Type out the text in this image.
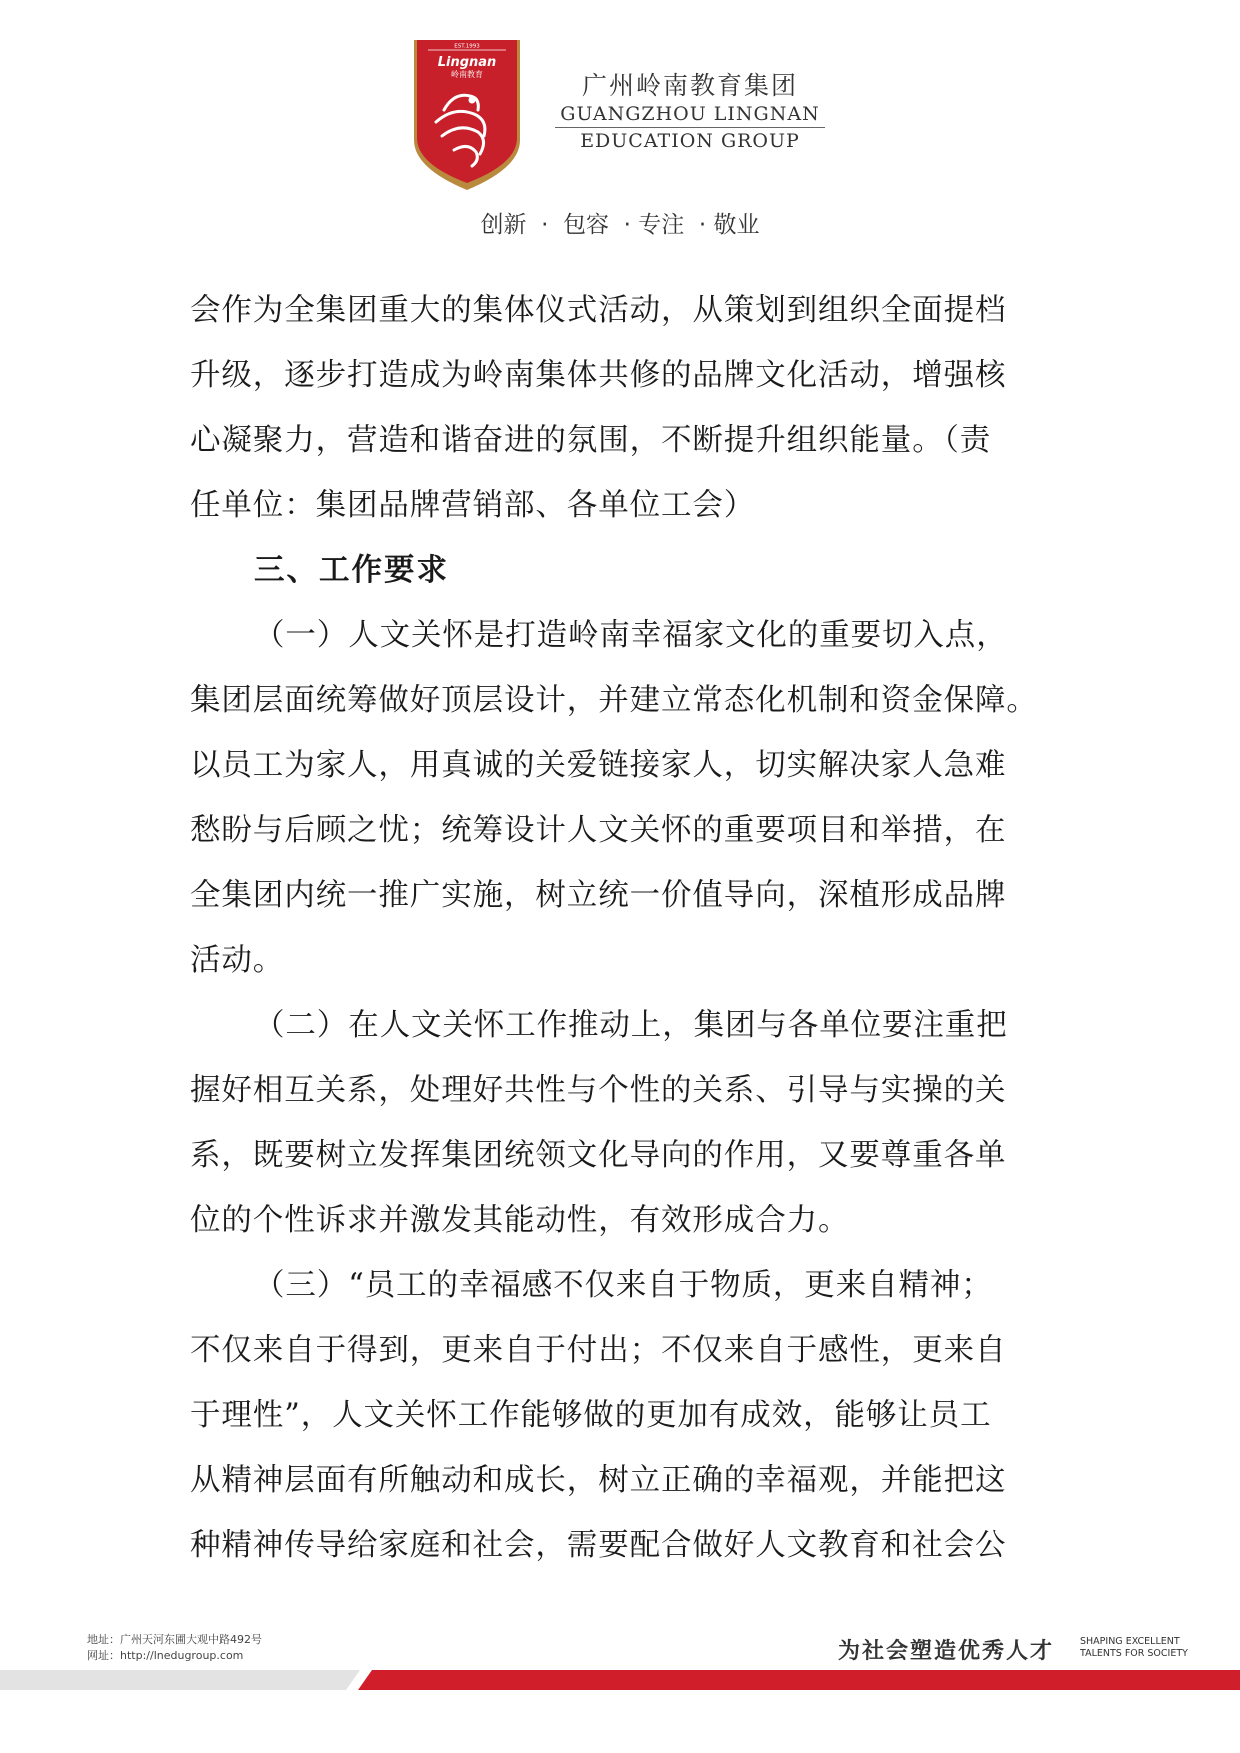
EST.1993
Lingnan
岭南教育	广州岭南教育集团
GUANGZHOU LINGNAN
EDUCATION GROUP
创新  ·  包容  · 专注  · 敬业
会作为全集团重大的集体仪式活动，从策划到组织全面提档
升级，逐步打造成为岭南集体共修的品牌文化活动，增强核
心凝聚力，营造和谐奋进的氛围，不断提升组织能量。（责
任单位：集团品牌营销部、各单位工会）
三、工作要求
（一）人文关怀是打造岭南幸福家文化的重要切入点，
集团层面统筹做好顶层设计，并建立常态化机制和资金保障。
以员工为家人，用真诚的关爱链接家人，切实解决家人急难
愁盼与后顾之忧；统筹设计人文关怀的重要项目和举措，在
全集团内统一推广实施，树立统一价值导向，深植形成品牌
活动。
（二）在人文关怀工作推动上，集团与各单位要注重把
握好相互关系，处理好共性与个性的关系、引导与实操的关
系，既要树立发挥集团统领文化导向的作用，又要尊重各单
位的个性诉求并激发其能动性，有效形成合力。
（三）“员工的幸福感不仅来自于物质，更来自精神；
不仅来自于得到，更来自于付出；不仅来自于感性，更来自
于理性”，人文关怀工作能够做的更加有成效，能够让员工
从精神层面有所触动和成长，树立正确的幸福观，并能把这
种精神传导给家庭和社会，需要配合做好人文教育和社会公
地址：广州天河东圃大观中路492号
网址：http://lnedugroup.com	为社会塑造优秀人才	SHAPING EXCELLENT
TALENTS FOR SOCIETY
